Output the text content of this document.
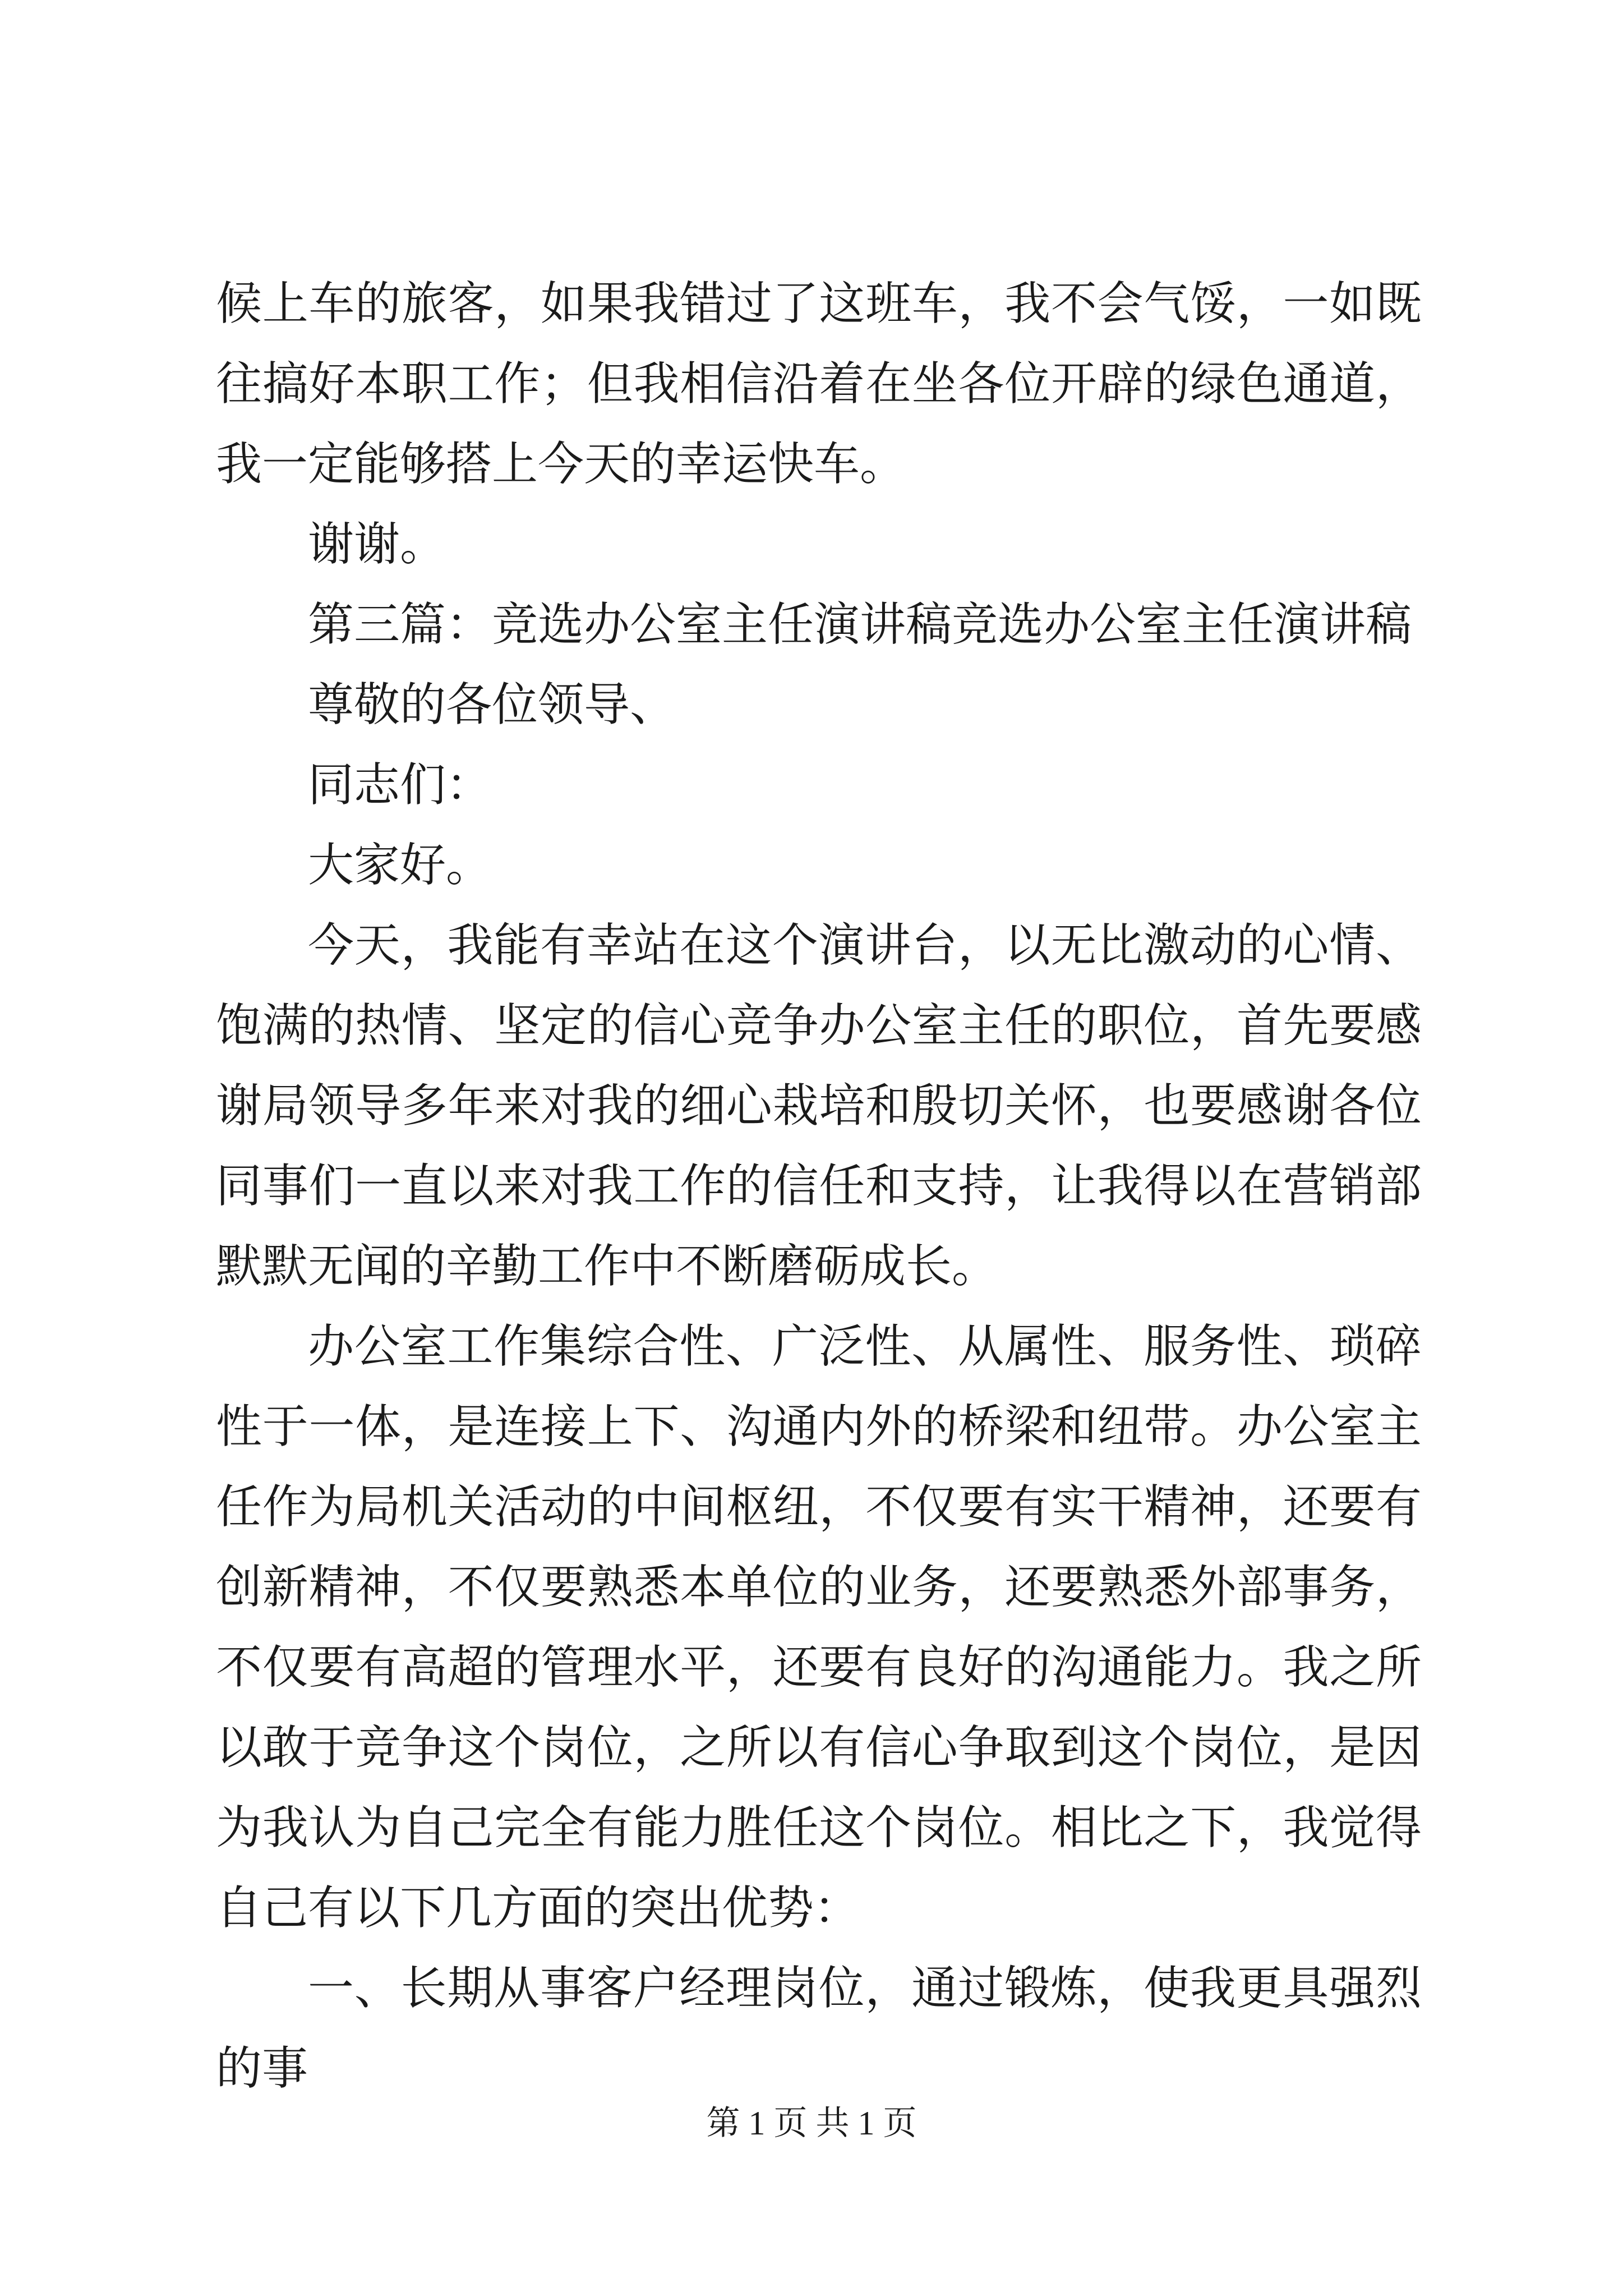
候上车的旅客，如果我错过了这班车，我不会气馁，一如既往搞好本职工作；但我相信沿着在坐各位开辟的绿色通道，我一定能够搭上今天的幸运快车。

谢谢。

第三篇：竞选办公室主任演讲稿竞选办公室主任演讲稿

尊敬的各位领导、

同志们：

大家好。

今天，我能有幸站在这个演讲台，以无比激动的心情、饱满的热情、坚定的信心竞争办公室主任的职位，首先要感谢局领导多年来对我的细心栽培和殷切关怀，也要感谢各位同事们一直以来对我工作的信任和支持，让我得以在营销部默默无闻的辛勤工作中不断磨砺成长。

办公室工作集综合性、广泛性、从属性、服务性、琐碎性于一体，是连接上下、沟通内外的桥梁和纽带。办公室主任作为局机关活动的中间枢纽，不仅要有实干精神，还要有创新精神，不仅要熟悉本单位的业务，还要熟悉外部事务，不仅要有高超的管理水平，还要有良好的沟通能力。我之所以敢于竞争这个岗位，之所以有信心争取到这个岗位，是因为我认为自己完全有能力胜任这个岗位。相比之下，我觉得自己有以下几方面的突出优势：

一、长期从事客户经理岗位，通过锻炼，使我更具强烈的事

第 1 页 共 1 页
